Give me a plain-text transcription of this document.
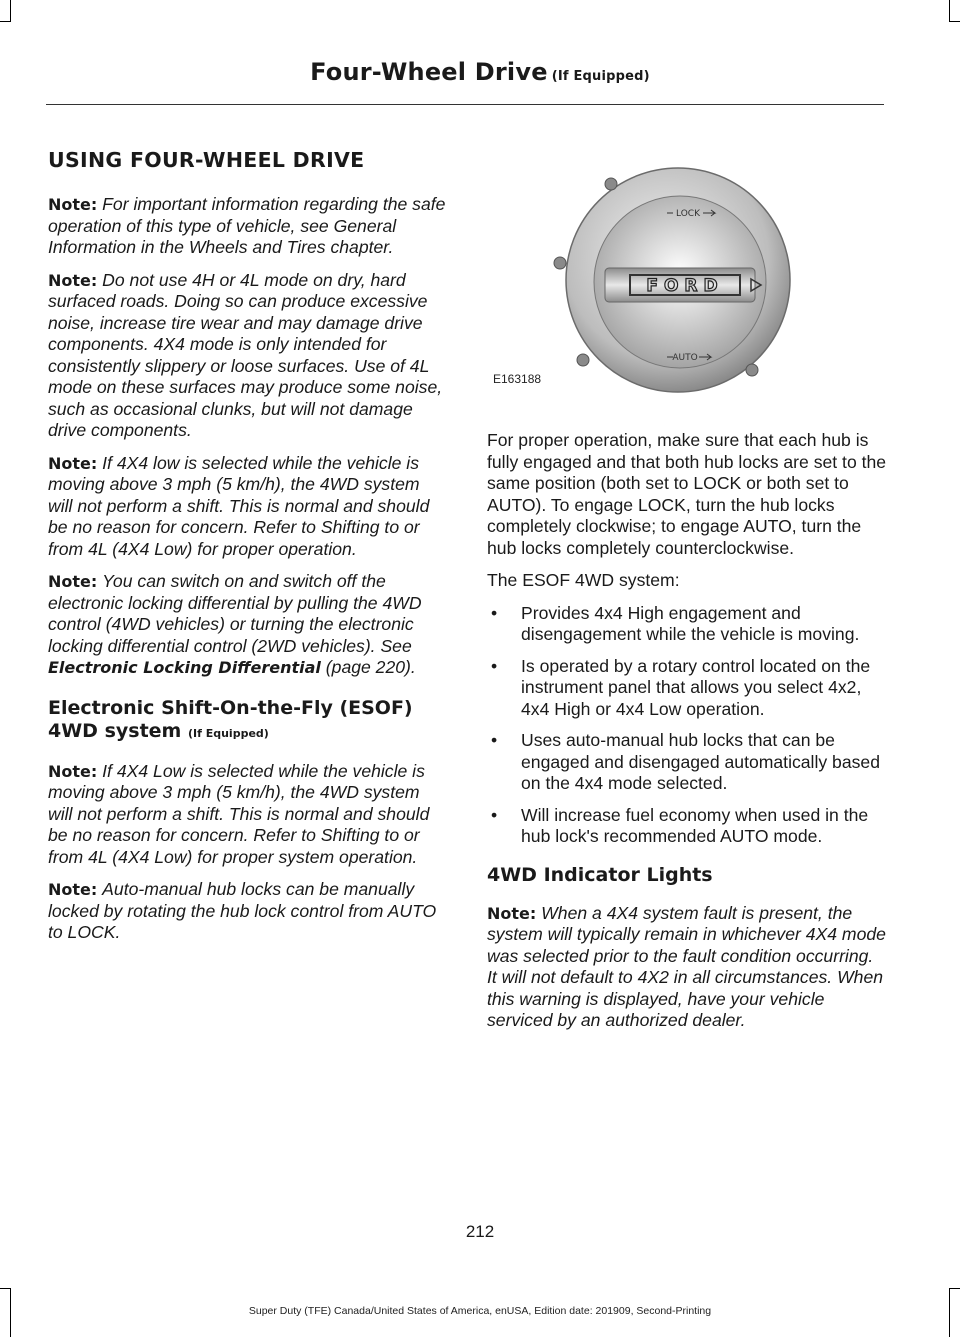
Four-Wheel Drive (If Equipped)
USING FOUR-WHEEL DRIVE

Note: For important information regarding the safe operation of this type of vehicle, see General Information in the Wheels and Tires chapter.

Note: Do not use 4H or 4L mode on dry, hard surfaced roads. Doing so can produce excessive noise, increase tire wear and may damage drive components. 4X4 mode is only intended for consistently slippery or loose surfaces. Use of 4L mode on these surfaces may produce some noise, such as occasional clunks, but will not damage drive components.

Note: If 4X4 low is selected while the vehicle is moving above 3 mph (5 km/h), the 4WD system will not perform a shift. This is normal and should be no reason for concern. Refer to Shifting to or from 4L (4X4 Low) for proper operation.

Note: You can switch on and switch off the electronic locking differential by pulling the 4WD control (4WD vehicles) or turning the electronic locking differential control (2WD vehicles). See Electronic Locking Differential (page 220).

Electronic Shift-On-the-Fly (ESOF) 4WD system (If Equipped)

Note: If 4X4 Low is selected while the vehicle is moving above 3 mph (5 km/h), the 4WD system will not perform a shift. This is normal and should be no reason for concern. Refer to Shifting to or from 4L (4X4 Low) for proper system operation.

Note: Auto-manual hub locks can be manually locked by rotating the hub lock control from AUTO to LOCK.

FORD
LOCK
AUTO
E163188

For proper operation, make sure that each hub is fully engaged and that both hub locks are set to the same position (both set to LOCK or both set to AUTO). To engage LOCK, turn the hub locks completely clockwise; to engage AUTO, turn the hub locks completely counterclockwise.

The ESOF 4WD system:

• Provides 4x4 High engagement and disengagement while the vehicle is moving.
• Is operated by a rotary control located on the instrument panel that allows you select 4x2, 4x4 High or 4x4 Low operation.
• Uses auto-manual hub locks that can be engaged and disengaged automatically based on the 4x4 mode selected.
• Will increase fuel economy when used in the hub lock's recommended AUTO mode.
4WD Indicator Lights

Note: When a 4X4 system fault is present, the system will typically remain in whichever 4X4 mode was selected prior to the fault condition occurring. It will not default to 4X2 in all circumstances. When this warning is displayed, have your vehicle serviced by an authorized dealer.

212
Super Duty (TFE) Canada/United States of America, enUSA, Edition date: 201909, Second-Printing
